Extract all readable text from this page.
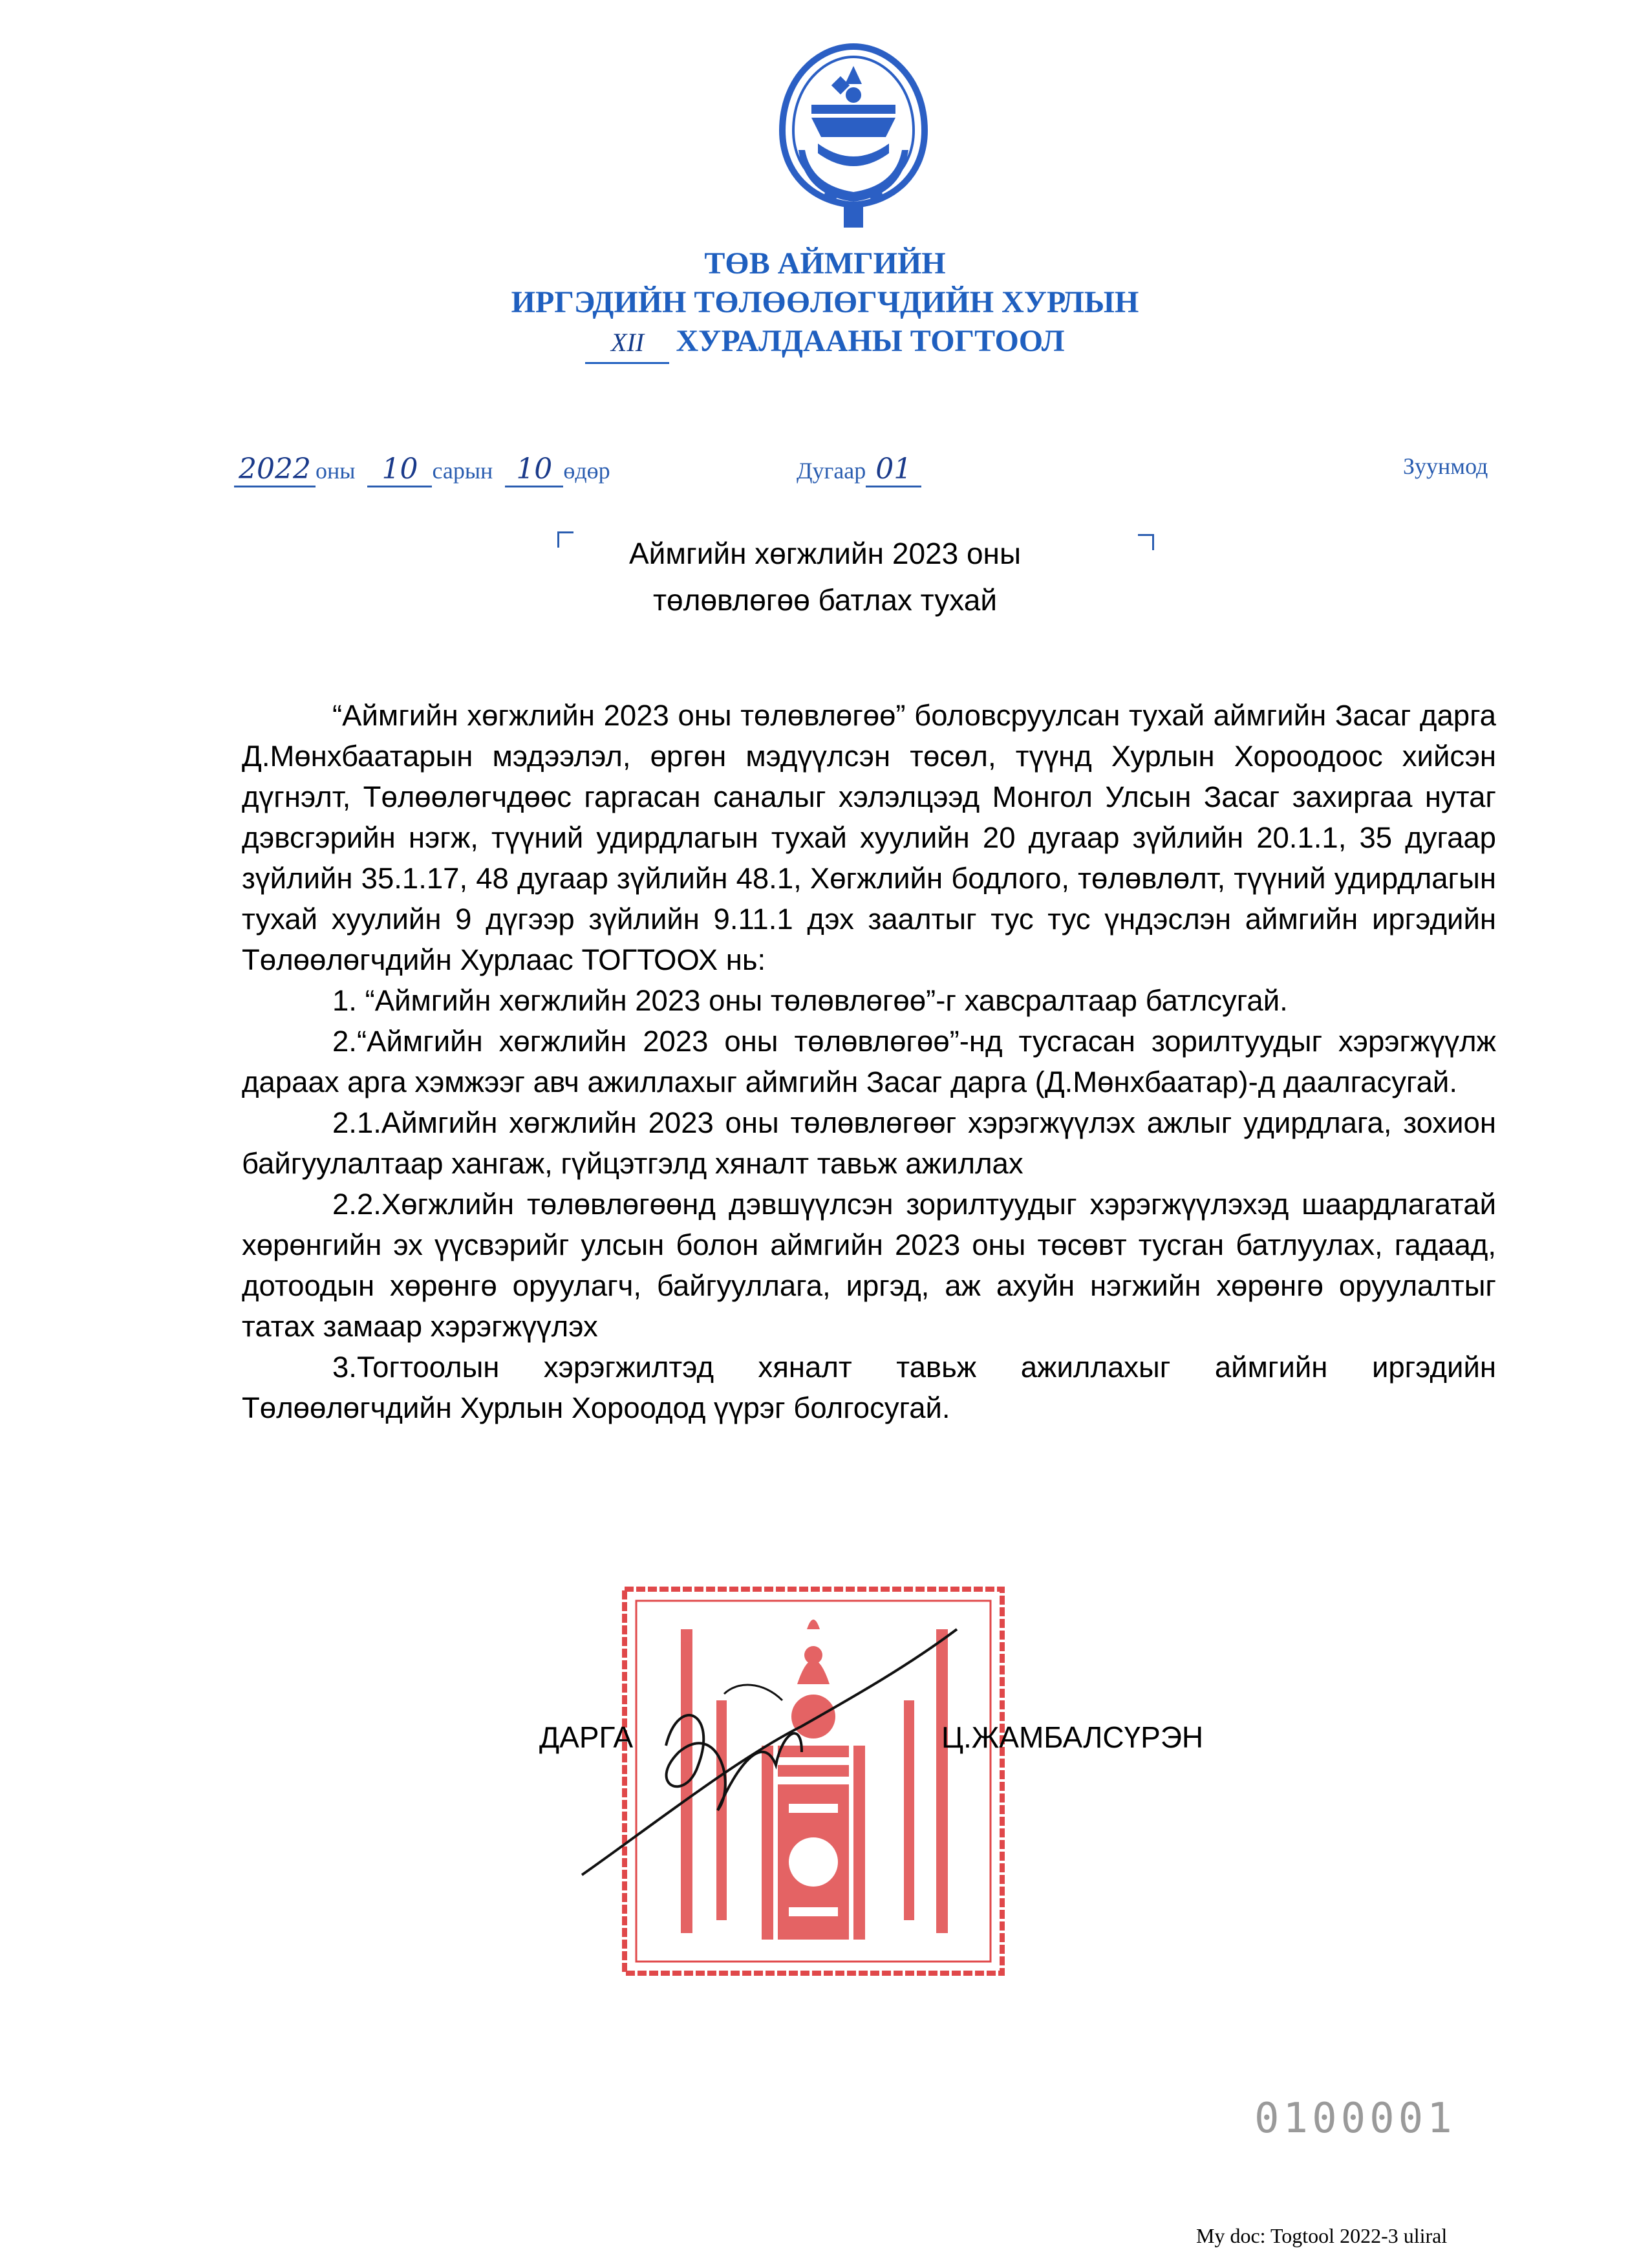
ТӨВ АЙМГИЙН
ИРГЭДИЙН ТӨЛӨӨЛӨГЧДИЙН ХУРЛЫН
XII ХУРАЛДААНЫ ТОГТООЛ
2022 оны 10 сарын 10 өдөр	Дугаар 01	Зуунмод
Аймгийн хөгжлийн 2023 оны
төлөвлөгөө батлах тухай

“Аймгийн хөгжлийн 2023 оны төлөвлөгөө” боловсруулсан тухай аймгийн Засаг дарга Д.Мөнхбаатарын мэдээлэл, өргөн мэдүүлсэн төсөл, түүнд Хурлын Хороодоос хийсэн дүгнэлт, Төлөөлөгчдөөс гаргасан саналыг хэлэлцээд Монгол Улсын Засаг захиргаа нутаг дэвсгэрийн нэгж, түүний удирдлагын тухай хуулийн 20 дугаар зүйлийн 20.1.1, 35 дугаар зүйлийн 35.1.17, 48 дугаар зүйлийн 48.1, Хөгжлийн бодлого, төлөвлөлт, түүний удирдлагын тухай хуулийн 9 дүгээр зүйлийн 9.11.1 дэх заалтыг тус тус үндэслэн аймгийн иргэдийн Төлөөлөгчдийн Хурлаас ТОГТООХ нь:

1. “Аймгийн хөгжлийн 2023 оны төлөвлөгөө”-г хавсралтаар батлсугай.

2.“Аймгийн хөгжлийн 2023 оны төлөвлөгөө”-нд тусгасан зорилтуудыг хэрэгжүүлж дараах арга хэмжээг авч ажиллахыг аймгийн Засаг дарга (Д.Мөнхбаатар)-д даалгасугай.

2.1.Аймгийн хөгжлийн 2023 оны төлөвлөгөөг хэрэгжүүлэх ажлыг удирдлага, зохион байгуулалтаар хангаж, гүйцэтгэлд хяналт тавьж ажиллах

2.2.Хөгжлийн төлөвлөгөөнд дэвшүүлсэн зорилтуудыг хэрэгжүүлэхэд шаардлагатай хөрөнгийн эх үүсвэрийг улсын болон аймгийн 2023 оны төсөвт тусган батлуулах, гадаад, дотоодын хөрөнгө оруулагч, байгууллага, иргэд, аж ахуйн нэгжийн хөрөнгө оруулалтыг татах замаар хэрэгжүүлэх

3.Тогтоолын хэрэгжилтэд хяналт тавьж ажиллахыг аймгийн иргэдийн Төлөөлөгчдийн Хурлын Хороодод үүрэг болгосугай.

ДАРГА	Ц.ЖАМБАЛСҮРЭН
0100001
My doc: Togtool 2022-3 uliral
